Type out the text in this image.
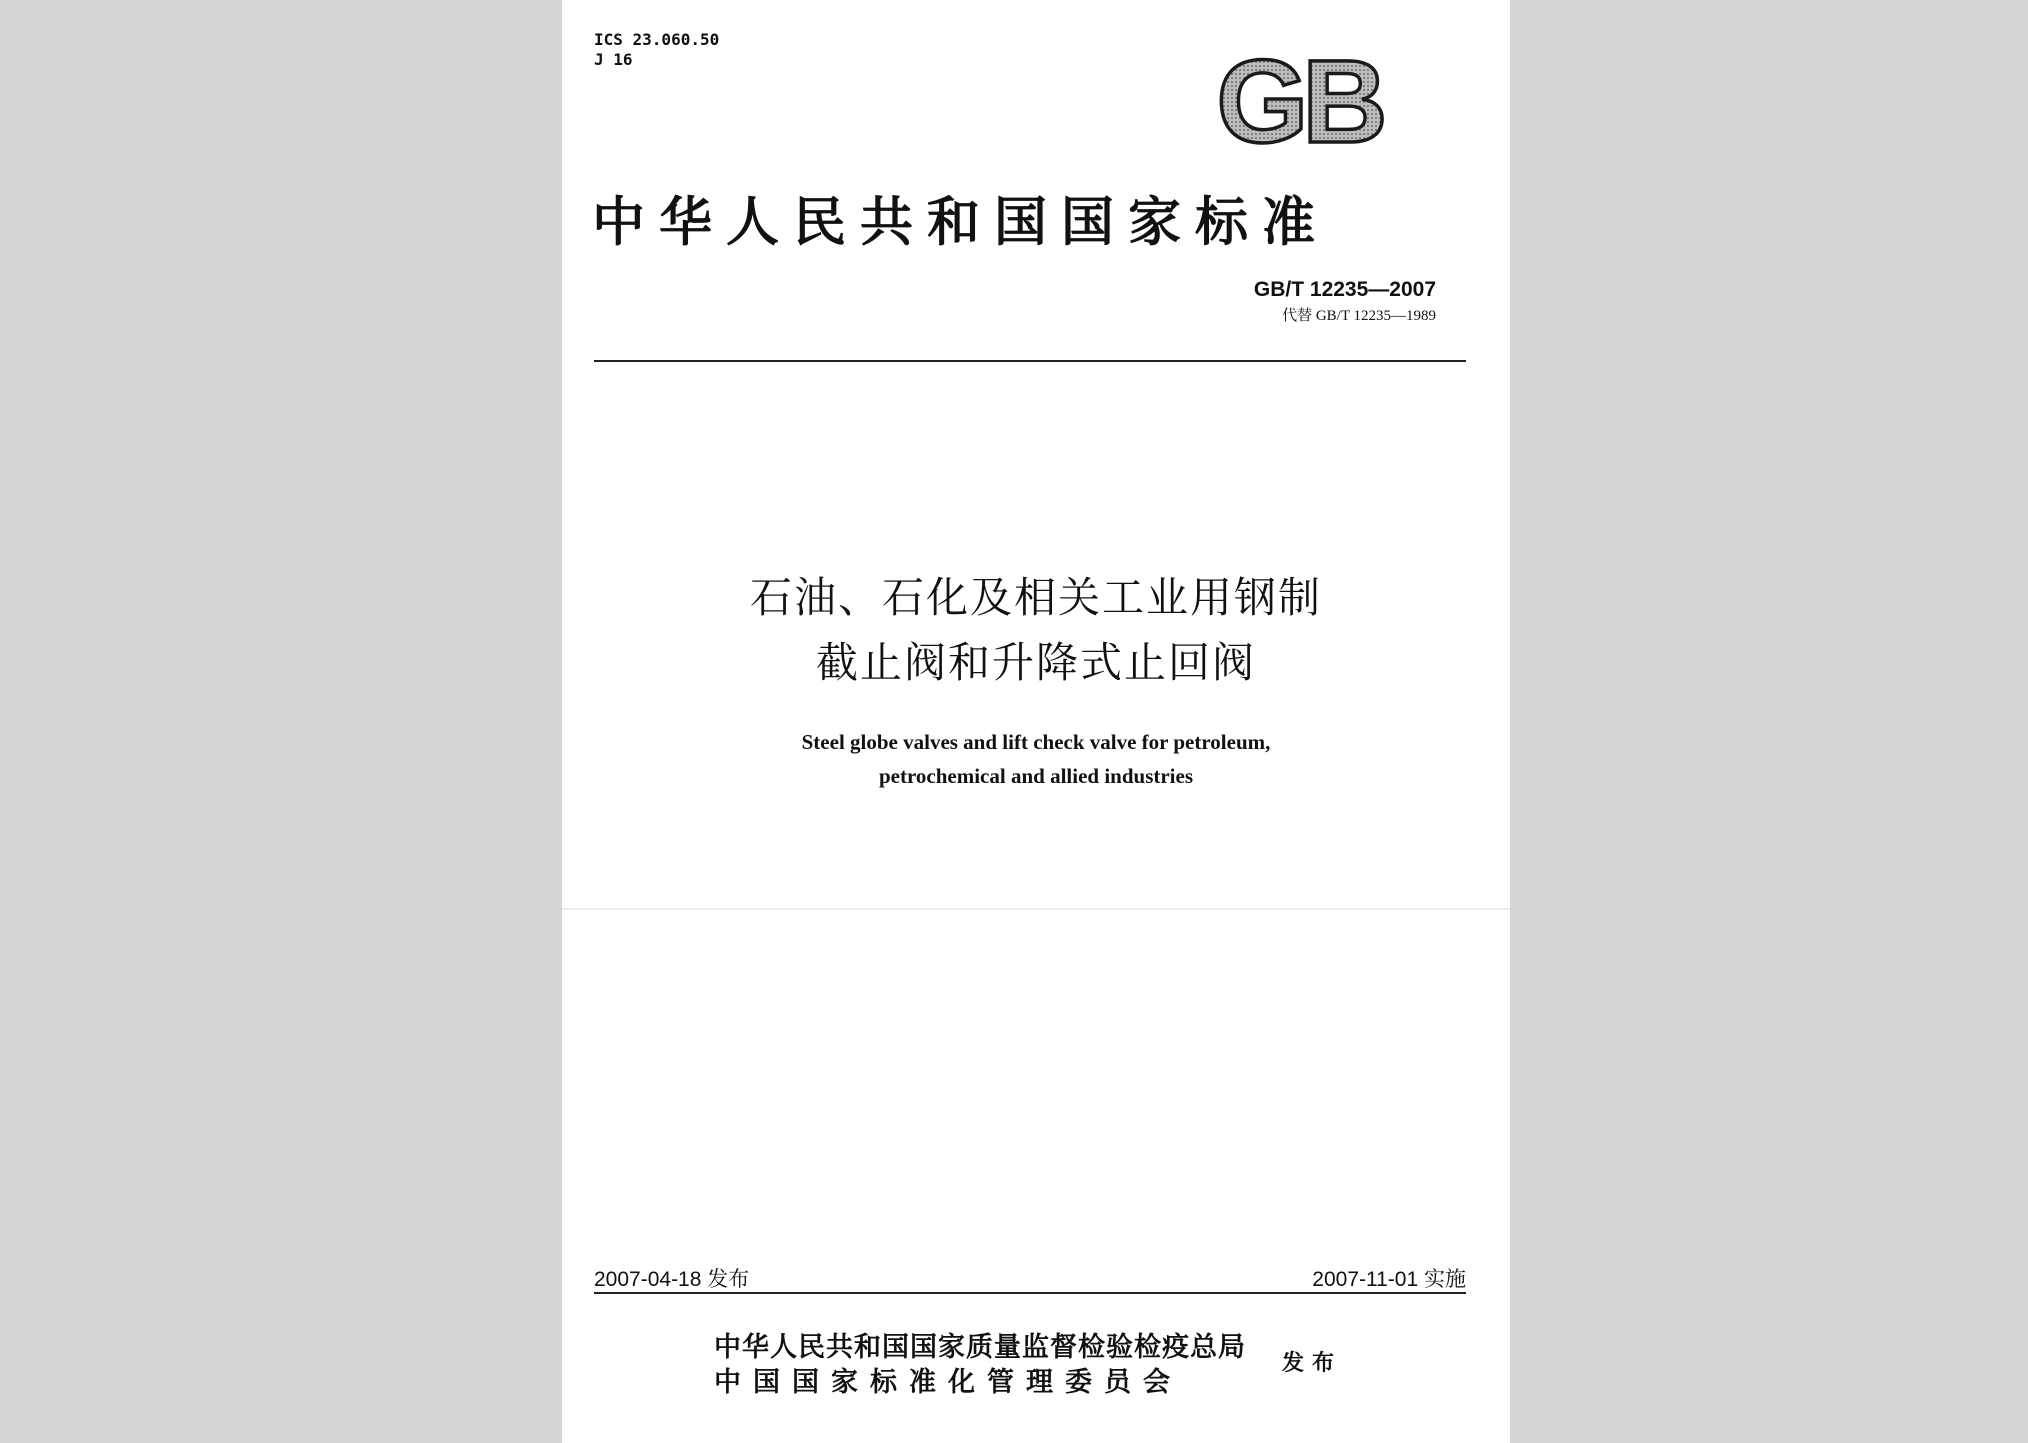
ICS 23.060.50
J 16	GB
中华人民共和国国家标准
GB/T 12235—2007
代替 GB/T 12235—1989
石油、石化及相关工业用钢制
截止阀和升降式止回阀
Steel globe valves and lift check valve for petroleum,
petrochemical and allied industries
2007-04-18 发布	2007-11-01 实施
中华人民共和国国家质量监督检验检疫总局
中国国家标准化管理委员会
发布
